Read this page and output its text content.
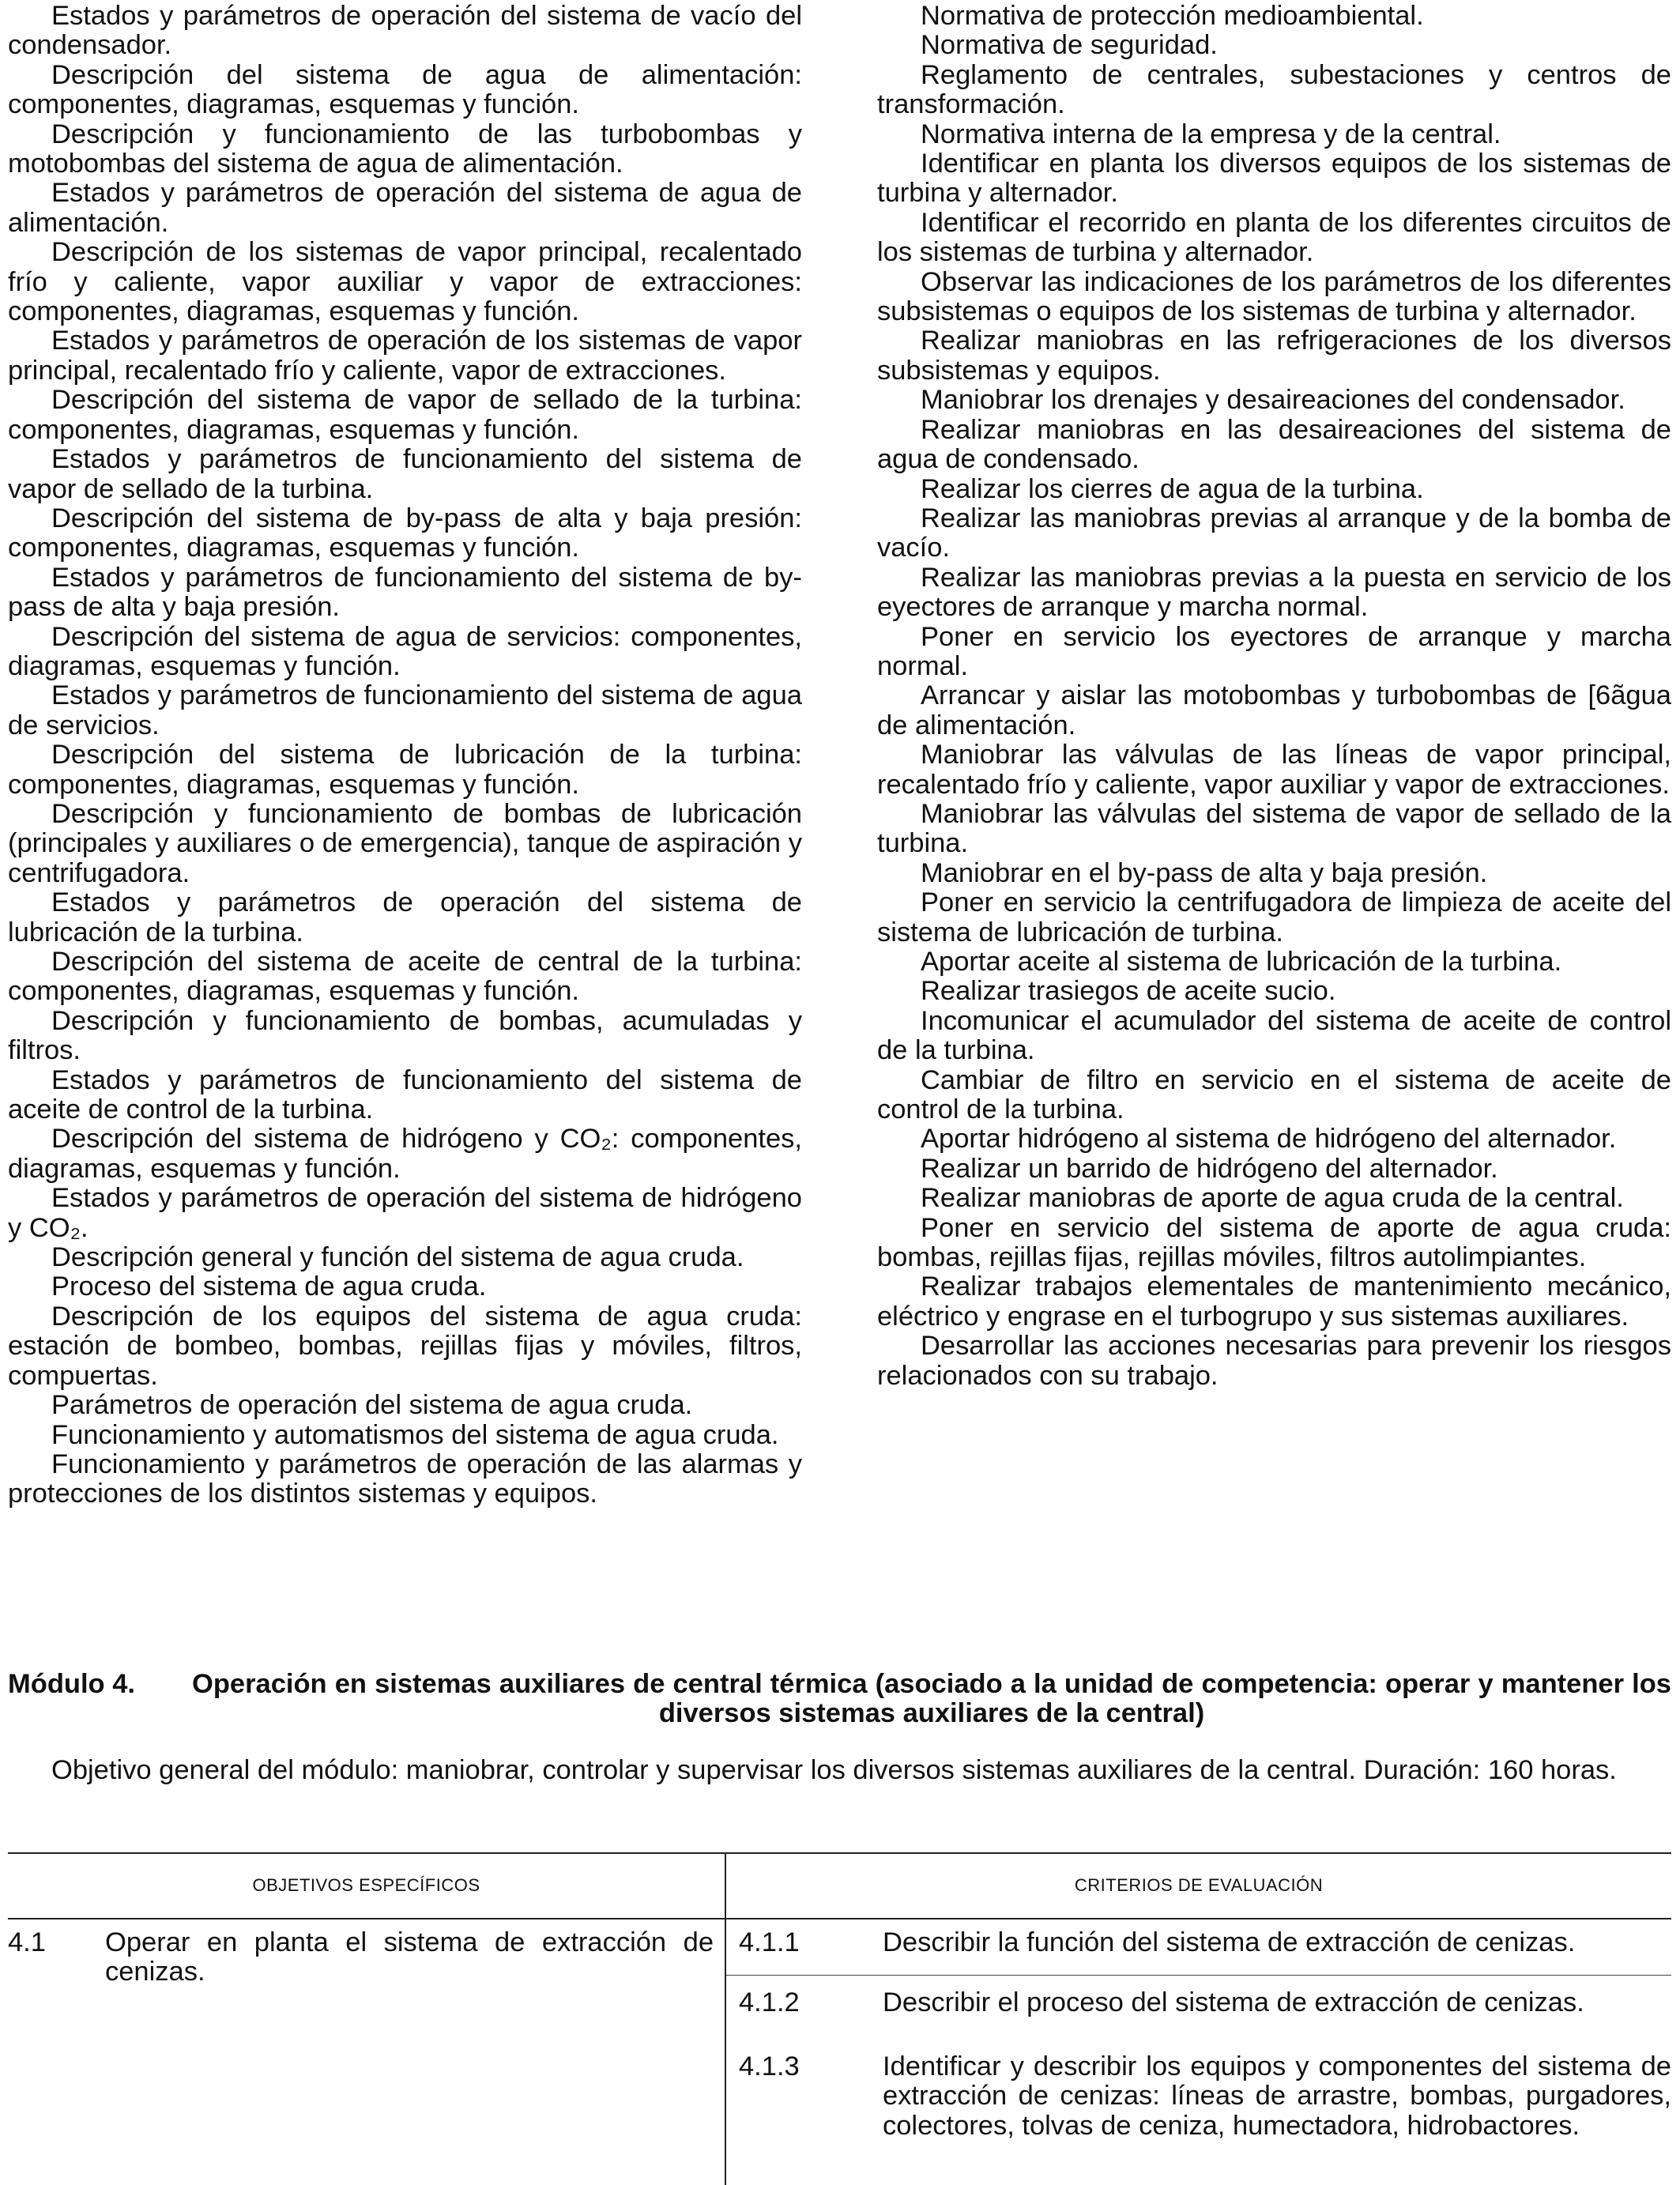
Estados y parámetros de operación del sistema de vacío del condensador.

Descripción del sistema de agua de alimentación: componentes, diagramas, esquemas y función.

Descripción y funcionamiento de las turbobombas y motobombas del sistema de agua de alimentación.

Estados y parámetros de operación del sistema de agua de alimentación.

Descripción de los sistemas de vapor principal, recalentado frío y caliente, vapor auxiliar y vapor de extracciones: componentes, diagramas, esquemas y función.

Estados y parámetros de operación de los sistemas de vapor principal, recalentado frío y caliente, vapor de extracciones.

Descripción del sistema de vapor de sellado de la turbina: componentes, diagramas, esquemas y función.

Estados y parámetros de funcionamiento del sistema de vapor de sellado de la turbina.

Descripción del sistema de by-pass de alta y baja presión: componentes, diagramas, esquemas y función.

Estados y parámetros de funcionamiento del sistema de by-pass de alta y baja presión.

Descripción del sistema de agua de servicios: componentes, diagramas, esquemas y función.

Estados y parámetros de funcionamiento del sistema de agua de servicios.

Descripción del sistema de lubricación de la turbina: componentes, diagramas, esquemas y función.

Descripción y funcionamiento de bombas de lubricación (principales y auxiliares o de emergencia), tanque de aspiración y centrifugadora.

Estados y parámetros de operación del sistema de lubricación de la turbina.

Descripción del sistema de aceite de central de la turbina: componentes, diagramas, esquemas y función.

Descripción y funcionamiento de bombas, acumuladas y filtros.

Estados y parámetros de funcionamiento del sistema de aceite de control de la turbina.

Descripción del sistema de hidrógeno y CO₂: componentes, diagramas, esquemas y función.

Estados y parámetros de operación del sistema de hidrógeno y CO₂.

Descripción general y función del sistema de agua cruda.

Proceso del sistema de agua cruda.

Descripción de los equipos del sistema de agua cruda: estación de bombeo, bombas, rejillas fijas y móviles, filtros, compuertas.

Parámetros de operación del sistema de agua cruda.

Funcionamiento y automatismos del sistema de agua cruda.

Funcionamiento y parámetros de operación de las alarmas y protecciones de los distintos sistemas y equipos.

Normativa de protección medioambiental.

Normativa de seguridad.

Reglamento de centrales, subestaciones y centros de transformación.

Normativa interna de la empresa y de la central.

Identificar en planta los diversos equipos de los sistemas de turbina y alternador.

Identificar el recorrido en planta de los diferentes circuitos de los sistemas de turbina y alternador.

Observar las indicaciones de los parámetros de los diferentes subsistemas o equipos de los sistemas de turbina y alternador.

Realizar maniobras en las refrigeraciones de los diversos subsistemas y equipos.

Maniobrar los drenajes y desaireaciones del condensador.

Realizar maniobras en las desaireaciones del sistema de agua de condensado.

Realizar los cierres de agua de la turbina.

Realizar las maniobras previas al arranque y de la bomba de vacío.

Realizar las maniobras previas a la puesta en servicio de los eyectores de arranque y marcha normal.

Poner en servicio los eyectores de arranque y marcha normal.

Arrancar y aislar las motobombas y turbobombas de [6ãgua de alimentación.

Maniobrar las válvulas de las líneas de vapor principal, recalentado frío y caliente, vapor auxiliar y vapor de extracciones.

Maniobrar las válvulas del sistema de vapor de sellado de la turbina.

Maniobrar en el by-pass de alta y baja presión.

Poner en servicio la centrifugadora de limpieza de aceite del sistema de lubricación de turbina.

Aportar aceite al sistema de lubricación de la turbina.

Realizar trasiegos de aceite sucio.

Incomunicar el acumulador del sistema de aceite de control de la turbina.

Cambiar de filtro en servicio en el sistema de aceite de control de la turbina.

Aportar hidrógeno al sistema de hidrógeno del alternador.

Realizar un barrido de hidrógeno del alternador.

Realizar maniobras de aporte de agua cruda de la central.

Poner en servicio del sistema de aporte de agua cruda: bombas, rejillas fijas, rejillas móviles, filtros autolimpiantes.

Realizar trabajos elementales de mantenimiento mecánico, eléctrico y engrase en el turbogrupo y sus sistemas auxiliares.

Desarrollar las acciones necesarias para prevenir los riesgos relacionados con su trabajo.

Módulo 4.	Operación en sistemas auxiliares de central térmica (asociado a la unidad de competencia: operar y mantener los diversos sistemas auxiliares de la central)

Objetivo general del módulo: maniobrar, controlar y supervisar los diversos sistemas auxiliares de la central. Duración: 160 horas.

OBJETIVOS ESPECÍFICOS	CRITERIOS DE EVALUACIÓN
4.1 Operar en planta el sistema de extracción de cenizas.
4.1.1	Describir la función del sistema de extracción de cenizas.
4.1.2	Describir el proceso del sistema de extracción de cenizas.
4.1.3	Identificar y describir los equipos y componentes del sistema de extracción de cenizas: líneas de arrastre, bombas, purgadores, colectores, tolvas de ceniza, humectadora, hidrobactores.
